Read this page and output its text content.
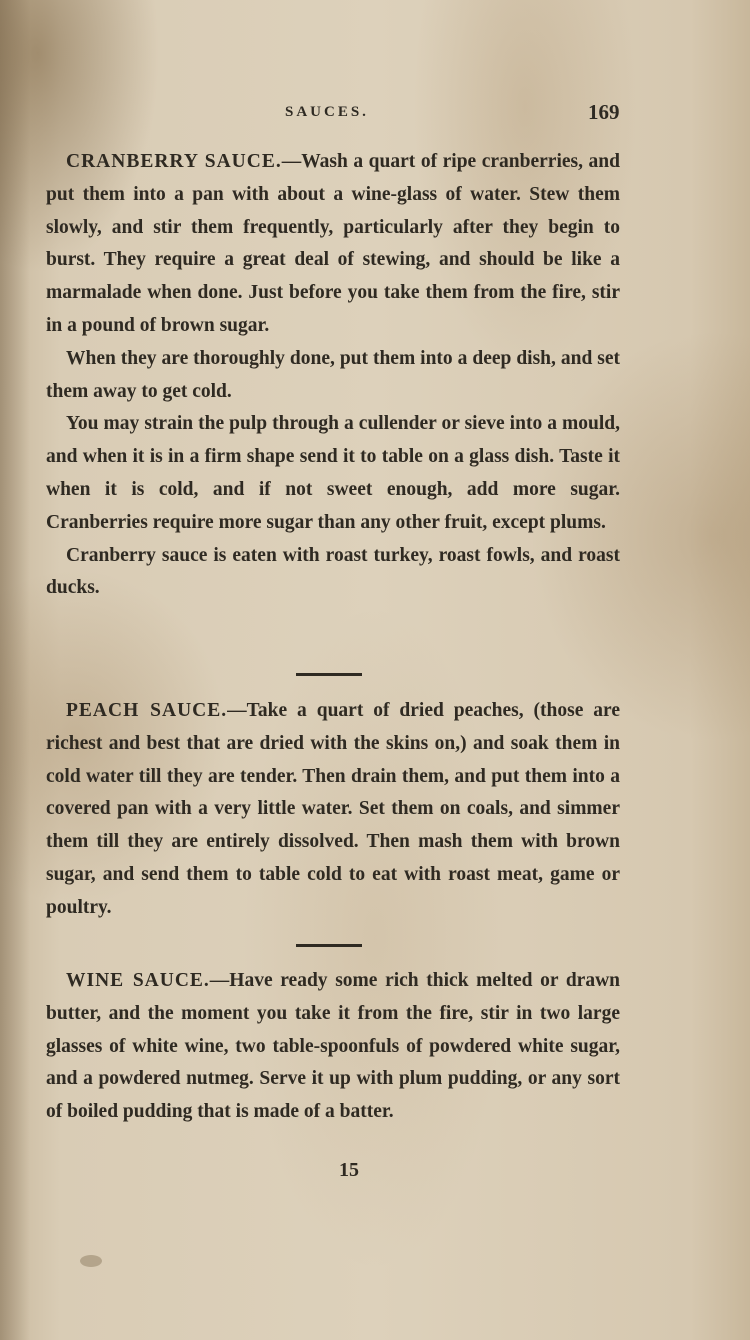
SAUCES.	169

CRANBERRY SAUCE.—Wash a quart of ripe cranberries, and put them into a pan with about a wine-glass of water. Stew them slowly, and stir them frequently, particularly after they begin to burst. They require a great deal of stewing, and should be like a marmalade when done. Just before you take them from the fire, stir in a pound of brown sugar.

When they are thoroughly done, put them into a deep dish, and set them away to get cold.

You may strain the pulp through a cullender or sieve into a mould, and when it is in a firm shape send it to table on a glass dish. Taste it when it is cold, and if not sweet enough, add more sugar. Cranberries require more sugar than any other fruit, except plums.

Cranberry sauce is eaten with roast turkey, roast fowls, and roast ducks.

PEACH SAUCE.—Take a quart of dried peaches, (those are richest and best that are dried with the skins on,) and soak them in cold water till they are tender. Then drain them, and put them into a covered pan with a very little water. Set them on coals, and simmer them till they are entirely dissolved. Then mash them with brown sugar, and send them to table cold to eat with roast meat, game or poultry.

WINE SAUCE.—Have ready some rich thick melted or drawn butter, and the moment you take it from the fire, stir in two large glasses of white wine, two table-spoonfuls of powdered white sugar, and a powdered nutmeg. Serve it up with plum pudding, or any sort of boiled pudding that is made of a batter.

15
